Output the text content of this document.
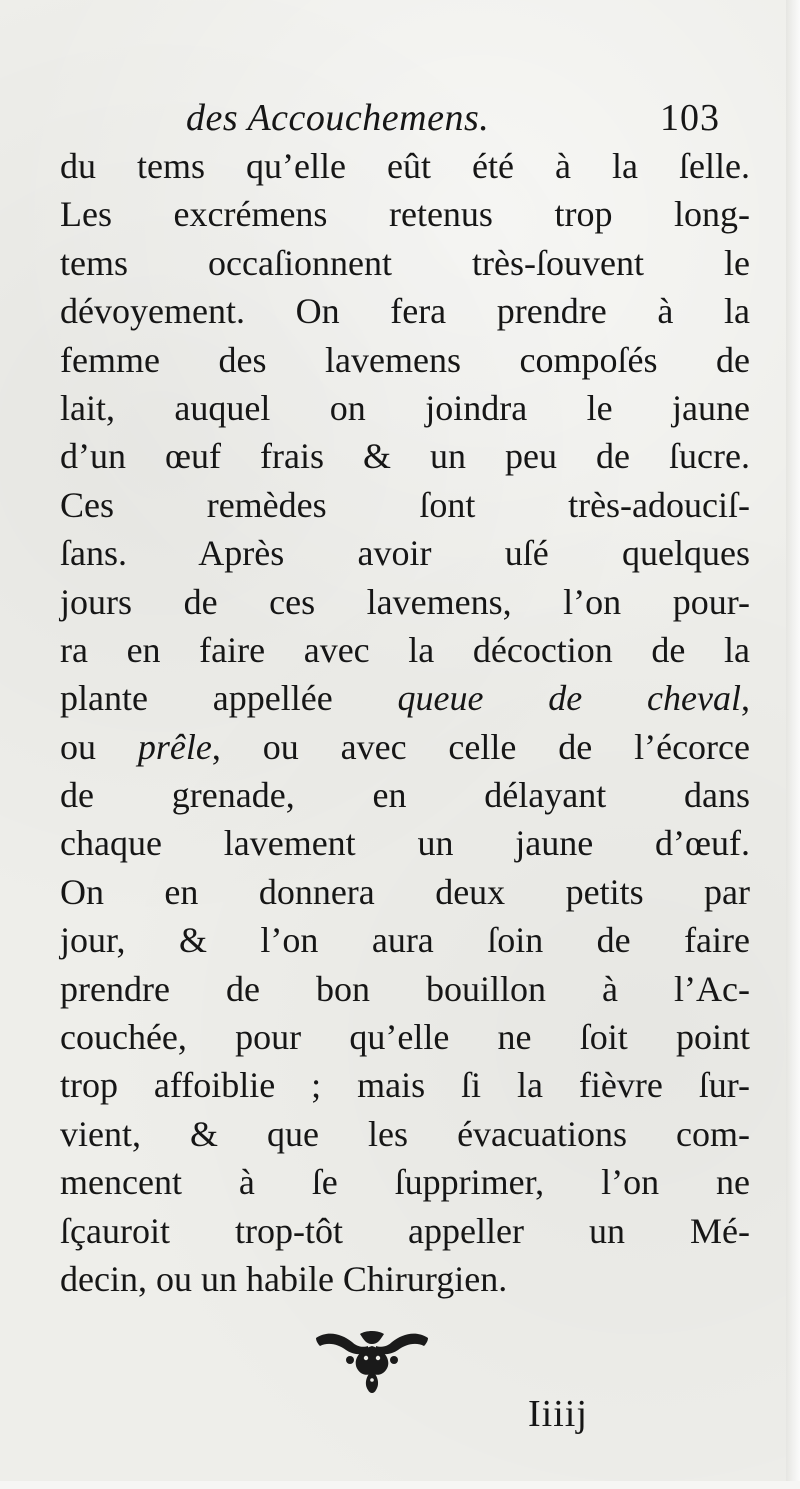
des Accouchemens.	103
du tems qu’elle eût été à la ſelle.
Les excrémens retenus trop long-
tems occaſionnent très-ſouvent le
dévoyement. On fera prendre à la
femme des lavemens compoſés de
lait, auquel on joindra le jaune
d’un œuf frais & un peu de ſucre.
Ces remèdes ſont très-adouciſ-
ſans. Après avoir uſé quelques
jours de ces lavemens, l’on pour-
ra en faire avec la décoction de la
plante appellée queue de cheval,
ou prêle, ou avec celle de l’écorce
de grenade, en délayant dans
chaque lavement un jaune d’œuf.
On en donnera deux petits par
jour, & l’on aura ſoin de faire
prendre de bon bouillon à l’Ac-
couchée, pour qu’elle ne ſoit point
trop affoiblie ; mais ſi la fièvre ſur-
vient, & que les évacuations com-
mencent à ſe ſupprimer, l’on ne
ſçauroit trop-tôt appeller un Mé-
decin, ou un habile Chirurgien.
Iiiij
